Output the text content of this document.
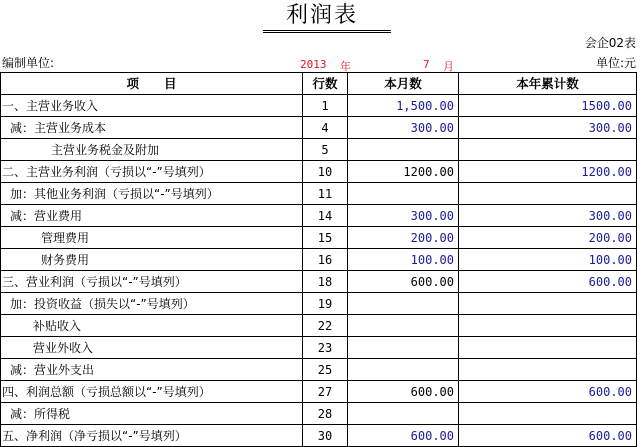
利润表
会企02表
编制单位:	2013 年	7 月	单位:元
项　　目	行数	本月数	本年累计数
一、主营业务收入	1	1,500.00	1500.00
减：主营业务成本	4	300.00	300.00
主营业务税金及附加	5		
二、主营业务利润（亏损以“-”号填列）	10	1200.00	1200.00
加：其他业务利润（亏损以“-”号填列）	11		
减：营业费用	14	300.00	300.00
管理费用	15	200.00	200.00
财务费用	16	100.00	100.00
三、营业利润（亏损以“-”号填列）	18	600.00	600.00
加：投资收益（损失以“-”号填列）	19		
补贴收入	22		
营业外收入	23		
减：营业外支出	25		
四、利润总额（亏损总额以“-”号填列）	27	600.00	600.00
减：所得税	28		
五、净利润（净亏损以“-”号填列）	30	600.00	600.00
